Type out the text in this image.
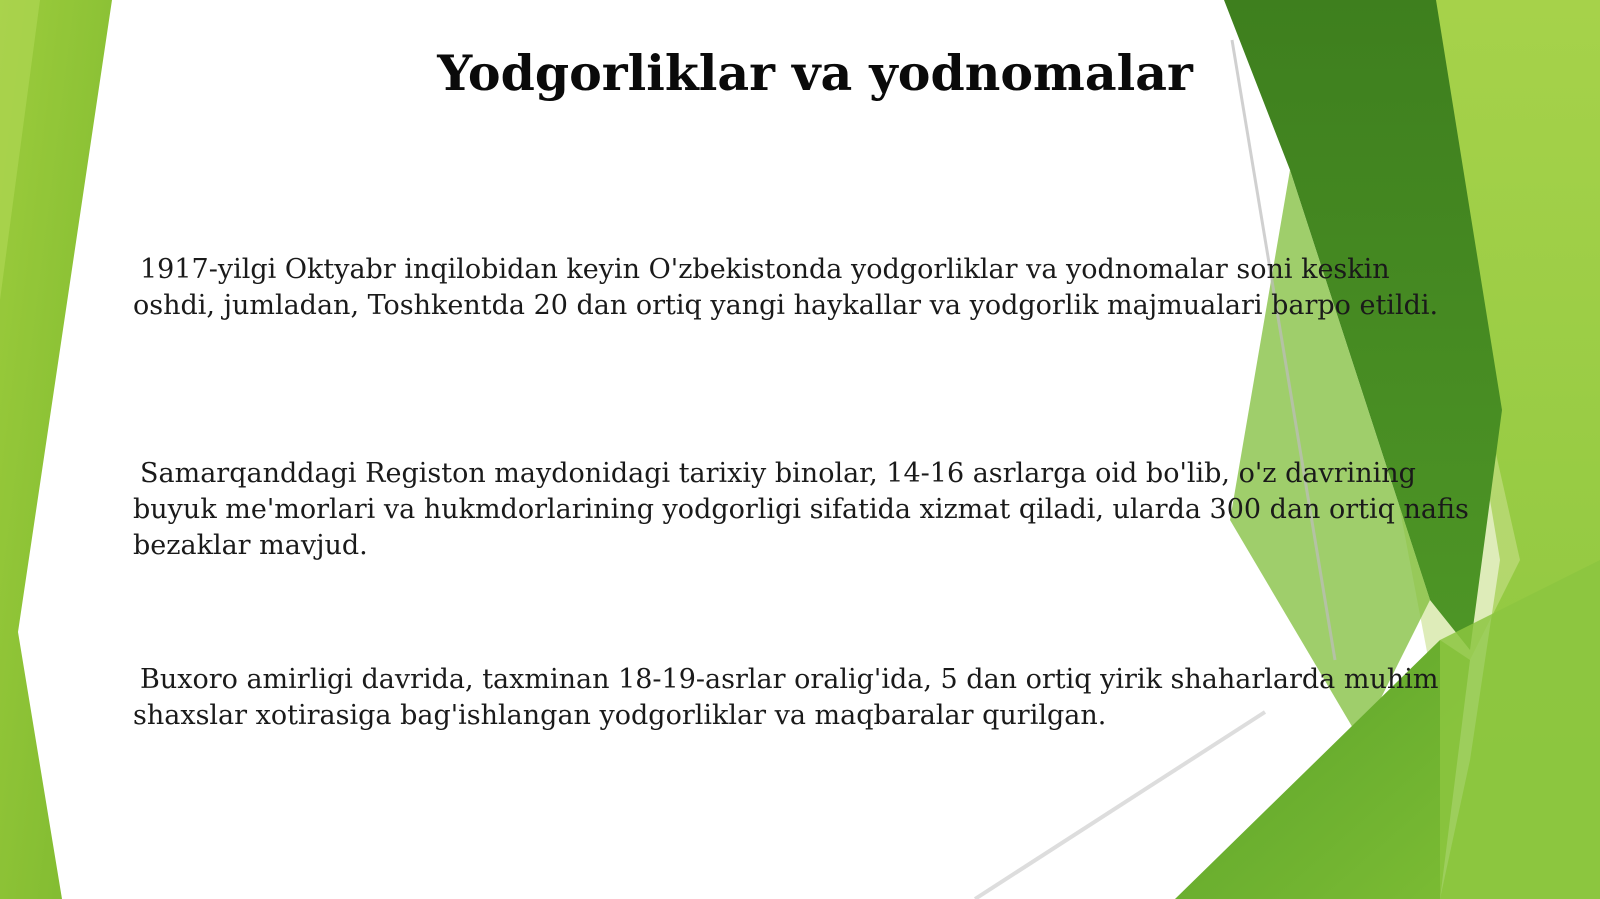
Yodgorliklar va yodnomalar

1917-yilgi Oktyabr inqilobidan keyin O'zbekistonda yodgorliklar va yodnomalar soni keskin oshdi, jumladan, Toshkentda 20 dan ortiq yangi haykallar va yodgorlik majmualari barpo etildi.

Samarqanddagi Registon maydonidagi tarixiy binolar, 14-16 asrlarga oid bo'lib, o'z davrining buyuk me'morlari va hukmdorlarining yodgorligi sifatida xizmat qiladi, ularda 300 dan ortiq nafis bezaklar mavjud.

Buxoro amirligi davrida, taxminan 18-19-asrlar oralig'ida, 5 dan ortiq yirik shaharlarda muhim shaxslar xotirasiga bag'ishlangan yodgorliklar va maqbaralar qurilgan.
